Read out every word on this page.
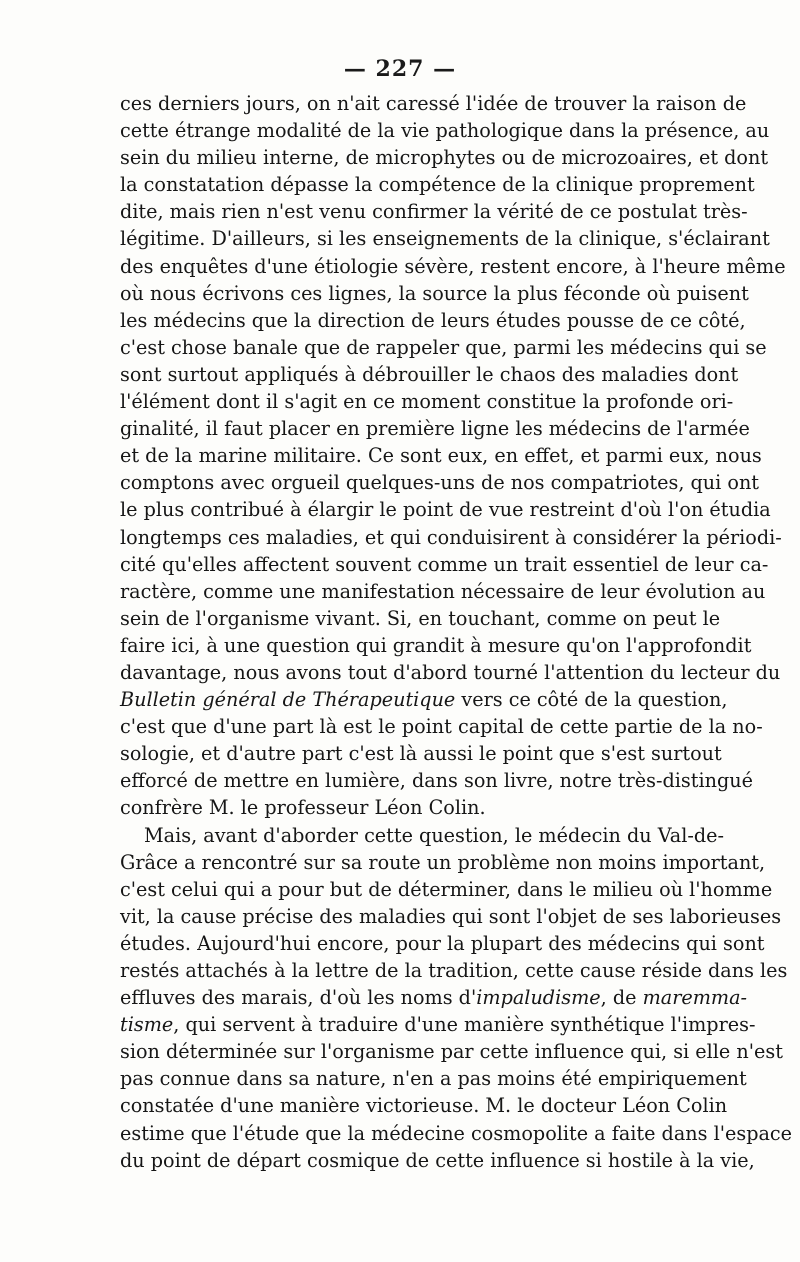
— 227 —
ces derniers jours, on n'ait caressé l'idée de trouver la raison de
cette étrange modalité de la vie pathologique dans la présence, au
sein du milieu interne, de microphytes ou de microzoaires, et dont
la constatation dépasse la compétence de la clinique proprement
dite, mais rien n'est venu confirmer la vérité de ce postulat très-
légitime. D'ailleurs, si les enseignements de la clinique, s'éclairant
des enquêtes d'une étiologie sévère, restent encore, à l'heure même
où nous écrivons ces lignes, la source la plus féconde où puisent
les médecins que la direction de leurs études pousse de ce côté,
c'est chose banale que de rappeler que, parmi les médecins qui se
sont surtout appliqués à débrouiller le chaos des maladies dont
l'élément dont il s'agit en ce moment constitue la profonde ori-
ginalité, il faut placer en première ligne les médecins de l'armée
et de la marine militaire. Ce sont eux, en effet, et parmi eux, nous
comptons avec orgueil quelques-uns de nos compatriotes, qui ont
le plus contribué à élargir le point de vue restreint d'où l'on étudia
longtemps ces maladies, et qui conduisirent à considérer la périodi-
cité qu'elles affectent souvent comme un trait essentiel de leur ca-
ractère, comme une manifestation nécessaire de leur évolution au
sein de l'organisme vivant. Si, en touchant, comme on peut le
faire ici, à une question qui grandit à mesure qu'on l'approfondit
davantage, nous avons tout d'abord tourné l'attention du lecteur du
Bulletin général de Thérapeutique vers ce côté de la question,
c'est que d'une part là est le point capital de cette partie de la no-
sologie, et d'autre part c'est là aussi le point que s'est surtout
efforcé de mettre en lumière, dans son livre, notre très-distingué
confrère M. le professeur Léon Colin.
Mais, avant d'aborder cette question, le médecin du Val-de-
Grâce a rencontré sur sa route un problème non moins important,
c'est celui qui a pour but de déterminer, dans le milieu où l'homme
vit, la cause précise des maladies qui sont l'objet de ses laborieuses
études. Aujourd'hui encore, pour la plupart des médecins qui sont
restés attachés à la lettre de la tradition, cette cause réside dans les
effluves des marais, d'où les noms d'impaludisme, de maremma-
tisme, qui servent à traduire d'une manière synthétique l'impres-
sion déterminée sur l'organisme par cette influence qui, si elle n'est
pas connue dans sa nature, n'en a pas moins été empiriquement
constatée d'une manière victorieuse. M. le docteur Léon Colin
estime que l'étude que la médecine cosmopolite a faite dans l'espace
du point de départ cosmique de cette influence si hostile à la vie,
